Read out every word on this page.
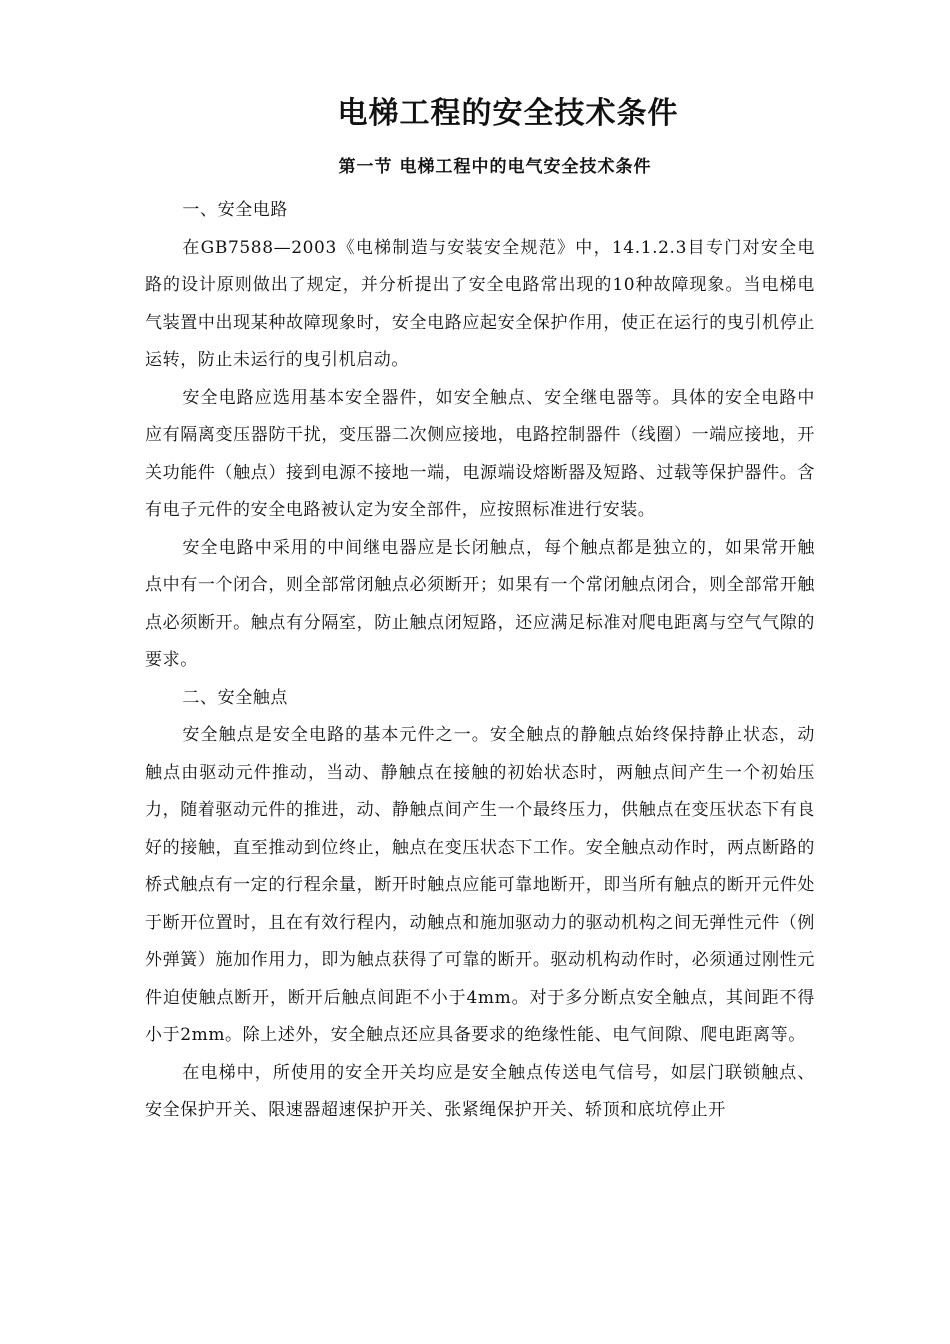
电梯工程的安全技术条件
第一节 电梯工程中的电气安全技术条件

一、安全电路

在GB7588—2003《电梯制造与安装安全规范》中，14.1.2.3目专门对安全电路的设计原则做出了规定，并分析提出了安全电路常出现的10种故障现象。当电梯电气装置中出现某种故障现象时，安全电路应起安全保护作用，使正在运行的曳引机停止运转，防止未运行的曳引机启动。

安全电路应选用基本安全器件，如安全触点、安全继电器等。具体的安全电路中应有隔离变压器防干扰，变压器二次侧应接地，电路控制器件（线圈）一端应接地，开关功能件（触点）接到电源不接地一端，电源端设熔断器及短路、过载等保护器件。含有电子元件的安全电路被认定为安全部件，应按照标准进行安装。

安全电路中采用的中间继电器应是长闭触点，每个触点都是独立的，如果常开触点中有一个闭合，则全部常闭触点必须断开；如果有一个常闭触点闭合，则全部常开触点必须断开。触点有分隔室，防止触点闭短路，还应满足标准对爬电距离与空气气隙的要求。

二、安全触点

安全触点是安全电路的基本元件之一。安全触点的静触点始终保持静止状态，动触点由驱动元件推动，当动、静触点在接触的初始状态时，两触点间产生一个初始压力，随着驱动元件的推进，动、静触点间产生一个最终压力，供触点在变压状态下有良好的接触，直至推动到位终止，触点在变压状态下工作。安全触点动作时，两点断路的桥式触点有一定的行程余量，断开时触点应能可靠地断开，即当所有触点的断开元件处于断开位置时，且在有效行程内，动触点和施加驱动力的驱动机构之间无弹性元件（例外弹簧）施加作用力，即为触点获得了可靠的断开。驱动机构动作时，必须通过刚性元件迫使触点断开，断开后触点间距不小于4mm。对于多分断点安全触点，其间距不得小于2mm。除上述外，安全触点还应具备要求的绝缘性能、电气间隙、爬电距离等。

在电梯中，所使用的安全开关均应是安全触点传送电气信号，如层门联锁触点、安全保护开关、限速器超速保护开关、张紧绳保护开关、轿顶和底坑停止开
